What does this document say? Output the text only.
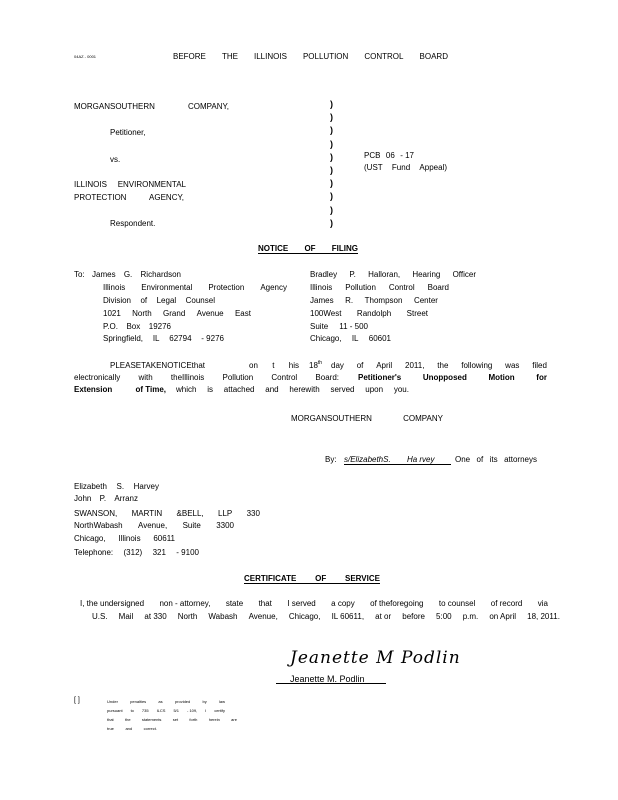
04AZ - 0001	BEFORE THE ILLINOIS POLLUTION CONTROL BOARD
MORGANSOUTHERN	COMPANY,
Petitioner,
vs.
ILLINOIS ENVIRONMENTAL
PROTECTION	AGENCY,
Respondent.
)
)
)
)
)
)
)
)
)
)
PCB 06 - 17
(UST Fund Appeal)
NOTICE OF FILING
To: James G. Richardson
Illinois Environmental Protection Agency
Division of Legal Counsel
1021 North Grand Avenue East
P.O. Box 19276
Springfield, IL 62794 - 9276
Bradley P. Halloran, Hearing Officer
Illinois Pollution Control Board
James R. Thompson Center
100West Randolph Street
Suite 11 - 500
Chicago, IL 60601
PLEASETAKENOTICEthat	on t his 18th day of April 2011, the following was filed
electronically with theIllinois Pollution Control Board: Petitioner's	Unopposed	Motion	for
Extension	of Time, which is attached and herewith served upon you.
MORGANSOUTHERN	COMPANY
By: s/ElizabethS. Ha rvey	One of its attorneys
Elizabeth S. Harvey
John P. Arranz
SWANSON, MARTIN &BELL, LLP 330
NorthWabash Avenue, Suite 3300
Chicago, Illinois 60611
Telephone: (312) 321 - 9100
CERTIFICATE OF SERVICE
I, the undersigned non - attorney, state that I served a copy of theforegoing to counsel of record via
U.S. Mail at 330 North Wabash Avenue, Chicago, IL 60611, at or before 5:00 p.m. on April 18, 2011.
Jeanette M Podlin
Jeanette M. Podlin
[ ]	Under	penalties	as	provided	by	law
pursuant to 735 ILCS 5/1 - 109, I certify
that	the	statements	set	forth	herein	are
true	and	correct.
